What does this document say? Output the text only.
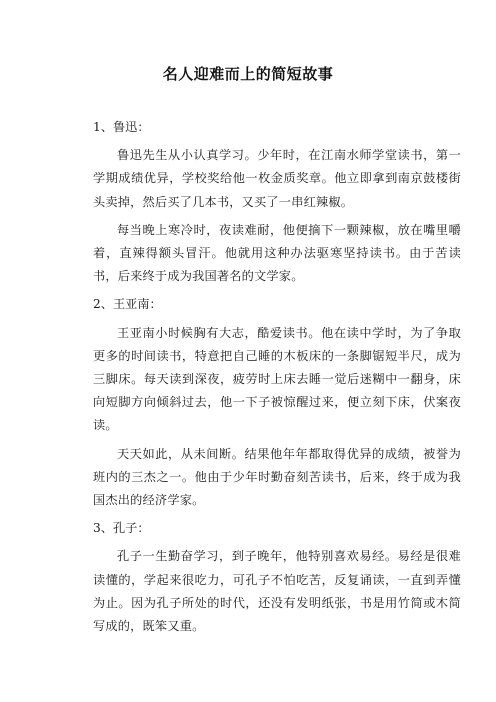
名人迎难而上的简短故事
1、鲁迅：
鲁迅先生从小认真学习。少年时，在江南水师学堂读书，第一学期成绩优异，学校奖给他一枚金质奖章。他立即拿到南京鼓楼街头卖掉，然后买了几本书，又买了一串红辣椒。
每当晚上寒冷时，夜读难耐，他便摘下一颗辣椒，放在嘴里嚼着，直辣得额头冒汗。他就用这种办法驱寒坚持读书。由于苦读书，后来终于成为我国著名的文学家。
2、王亚南：
王亚南小时候胸有大志，酷爱读书。他在读中学时，为了争取更多的时间读书，特意把自己睡的木板床的一条脚锯短半尺，成为三脚床。每天读到深夜，疲劳时上床去睡一觉后迷糊中一翻身，床向短脚方向倾斜过去，他一下子被惊醒过来，便立刻下床，伏案夜读。
天天如此，从未间断。结果他年年都取得优异的成绩，被誉为班内的三杰之一。他由于少年时勤奋刻苦读书，后来，终于成为我国杰出的经济学家。
3、孔子：
孔子一生勤奋学习，到子晚年，他特别喜欢易经。易经是很难读懂的，学起来很吃力，可孔子不怕吃苦，反复诵读，一直到弄懂为止。因为孔子所处的时代，还没有发明纸张，书是用竹简或木简写成的，既笨又重。
